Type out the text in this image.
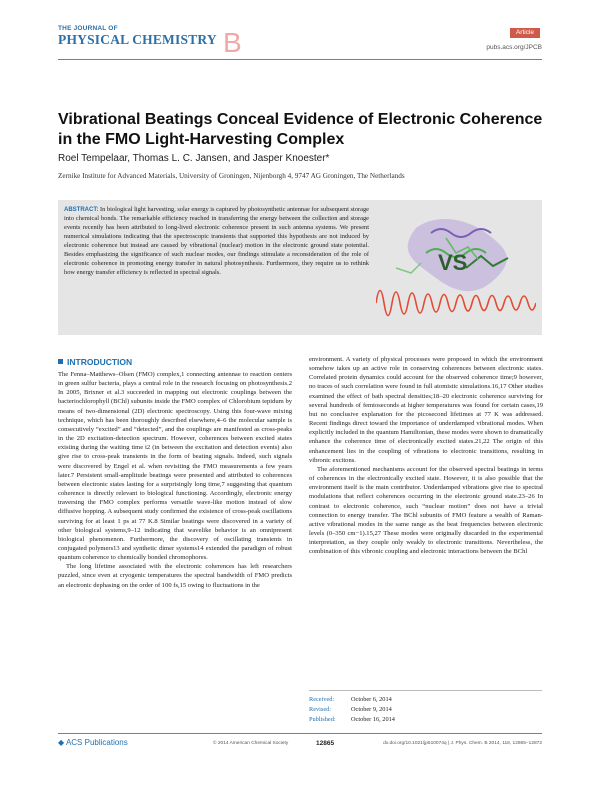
THE JOURNAL OF
PHYSICAL CHEMISTRY B	Article
pubs.acs.org/JPCB
Vibrational Beatings Conceal Evidence of Electronic Coherence in the FMO Light-Harvesting Complex
Roel Tempelaar, Thomas L. C. Jansen, and Jasper Knoester*
Zernike Institute for Advanced Materials, University of Groningen, Nijenborgh 4, 9747 AG Groningen, The Netherlands
ABSTRACT: In biological light harvesting, solar energy is captured by photosynthetic antennae for subsequent storage into chemical bonds. The remarkable efficiency reached in transferring the energy between the collection and storage events recently has been attributed to long-lived electronic coherence present in such antenna systems. We present numerical simulations indicating that the spectroscopic transients that supported this hypothesis are not induced by electronic coherence but instead are caused by vibrational (nuclear) motion in the electronic ground state potential. Besides emphasizing the significance of such nuclear modes, our findings stimulate a reconsideration of the role of electronic coherence in promoting energy transfer in natural photosynthesis. Furthermore, they require us to rethink how energy transfer efficiency is reflected in spectral signals.	VS
INTRODUCTION

The Fenna–Matthews–Olsen (FMO) complex,1 connecting antennae to reaction centers in green sulfur bacteria, plays a central role in the research focusing on photosynthesis.2 In 2005, Brixner et al.3 succeeded in mapping out electronic couplings between the bacteriochlorophyll (BChl) subunits inside the FMO complex of Chlorobium tepidum by means of two-dimensional (2D) electronic spectroscopy. Using this four-wave mixing technique, which has been thoroughly described elsewhere,4–6 the molecular sample is consecutively “excited” and “detected”, and the couplings are manifested as cross-peaks in the 2D excitation-detection spectrum. However, coherences between excited states existing during the waiting time t2 (in between the excitation and detection events) also give rise to cross-peak transients in the form of beating signals. Indeed, such signals were discovered by Engel et al. when revisiting the FMO measurements a few years later.7 Persistent small-amplitude beatings were presented and attributed to coherences between electronic states lasting for a surprisingly long time,7 suggesting that quantum coherence is directly relevant to biological functioning. Accordingly, electronic energy traversing the FMO complex performs versatile wave-like motion instead of slow diffusive hopping. A subsequent study confirmed the existence of cross-peak oscillations surviving for at least 1 ps at 77 K.8 Similar beatings were discovered in a variety of other biological systems,9–12 indicating that wavelike behavior is an omnipresent biological phenomenon. Furthermore, the discovery of oscillating transients in conjugated polymers13 and synthetic dimer systems14 extended the paradigm of robust quantum coherence to chemically bonded chromophores.

The long lifetime associated with the electronic coherences has left researchers puzzled, since even at cryogenic temperatures the spectral bandwidth of FMO predicts an electronic dephasing on the order of 100 fs,15 owing to fluctuations in the

environment. A variety of physical processes were proposed in which the environment somehow takes up an active role in conserving coherences between electronic states. Correlated protein dynamics could account for the observed coherence time;9 however, no traces of such correlation were found in full atomistic simulations.16,17 Other studies examined the effect of bath spectral densities;18–20 electronic coherence surviving for several hundreds of femtoseconds at higher temperatures was found for certain cases,19 but no conclusive explanation for the picosecond lifetimes at 77 K was addressed. Recent findings direct toward the importance of underdamped vibrational modes. When explicitly included in the quantum Hamiltonian, these modes were shown to dramatically enhance the coherence time of electronically excited states.21,22 The origin of this enhancement lies in the coupling of vibrations to electronic transitions, resulting in vibronic excitons.

The aforementioned mechanisms account for the observed spectral beatings in terms of coherences in the electronically excited state. However, it is also possible that the environment itself is the main contributor. Underdamped vibrations give rise to spectral modulations that reflect coherences occurring in the electronic ground state.23–26 In contrast to electronic coherence, such “nuclear motion” does not have a trivial connection to energy transfer. The BChl subunits of FMO feature a wealth of Raman-active vibrational modes in the same range as the beat frequencies between electronic levels (0–350 cm−1).15,27 These modes were originally discarded in the experimental interpretation, as they couple only weakly to electronic transitions. Nevertheless, the combination of this vibronic coupling and electronic interactions between the BChl

Received:	October 6, 2014
Revised:	October 9, 2014
Published: October 16, 2014
◆ ACS Publications	© 2014 American Chemical Society	12865	dx.doi.org/10.1021/jp510074q | J. Phys. Chem. B 2014, 118, 12865−12872
